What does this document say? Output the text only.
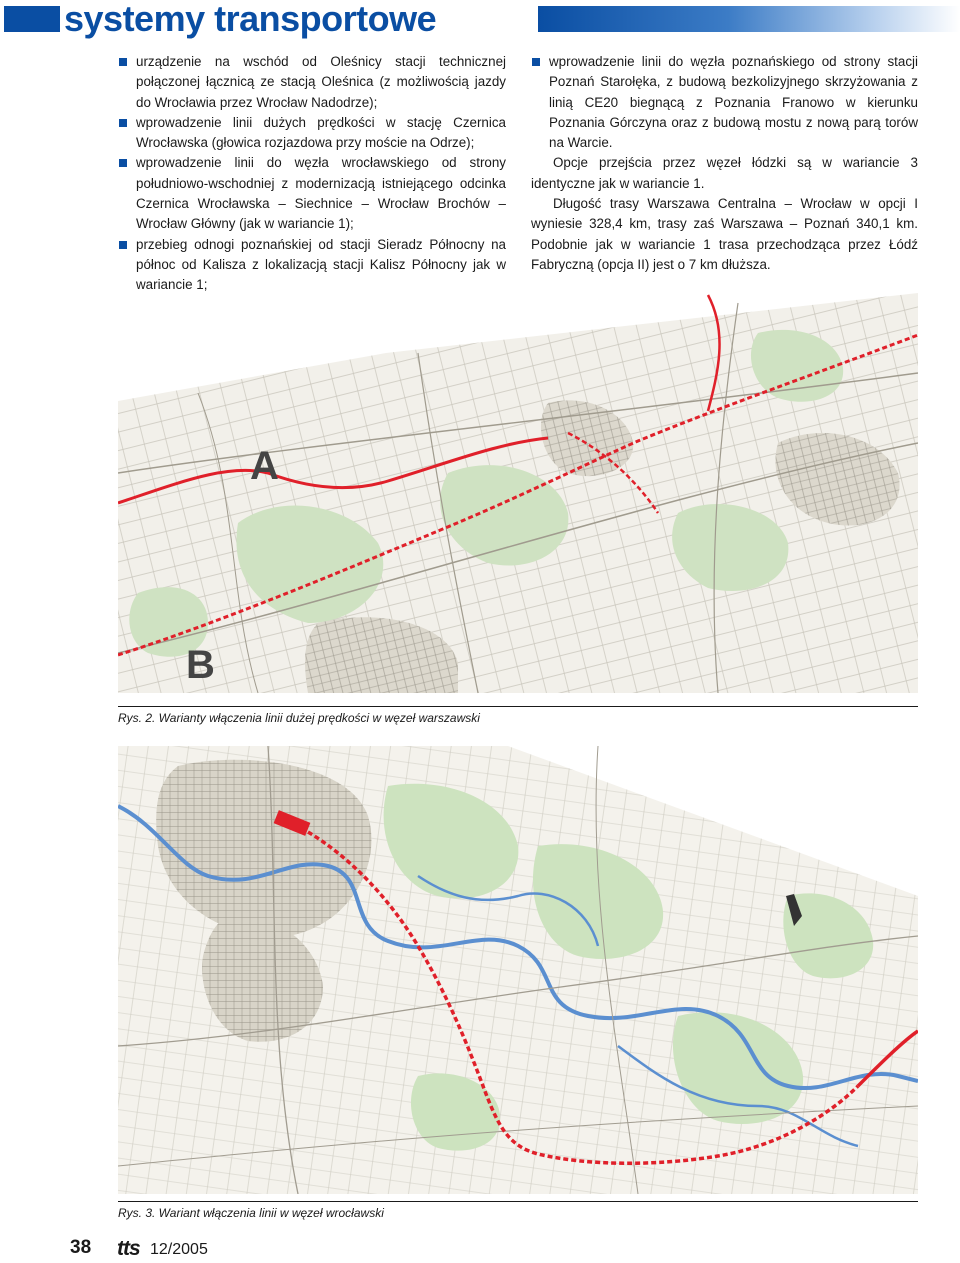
systemy transportowe

urządzenie na wschód od Oleśnicy stacji technicznej połączonej łącznicą ze stacją Oleśnica (z możliwością jazdy do Wrocławia przez Wrocław Nadodrze);

wprowadzenie linii dużych prędkości w stację Czernica Wrocławska (głowica rozjazdowa przy moście na Odrze);

wprowadzenie linii do węzła wrocławskiego od strony południowo-wschodniej z modernizacją istniejącego odcinka Czernica Wrocławska – Siechnice – Wrocław Brochów – Wrocław Główny (jak w wariancie 1);

przebieg odnogi poznańskiej od stacji Sieradz Północny na północ od Kalisza z lokalizacją stacji Kalisz Północny jak w wariancie 1;

wprowadzenie linii do węzła poznańskiego od strony stacji Poznań Starołęka, z budową bezkolizyjnego skrzyżowania z linią CE20 biegnącą z Poznania Franowo w kierunku Poznania Górczyna oraz z budową mostu z nową parą torów na Warcie.

Opcje przejścia przez węzeł łódzki są w wariancie 3 identyczne jak w wariancie 1.

Długość trasy Warszawa Centralna – Wrocław w opcji I wyniesie 328,4 km, trasy zaś Warszawa – Poznań 340,1 km. Podobnie jak w wariancie 1 trasa przechodząca przez Łódź Fabryczną (opcja II) jest o 7 km dłuższa.

A
B
Rys. 2. Warianty włączenia linii dużej prędkości w węzeł warszawski
Rys. 3. Wariant włączenia linii w węzeł wrocławski
38 tts 12/2005
